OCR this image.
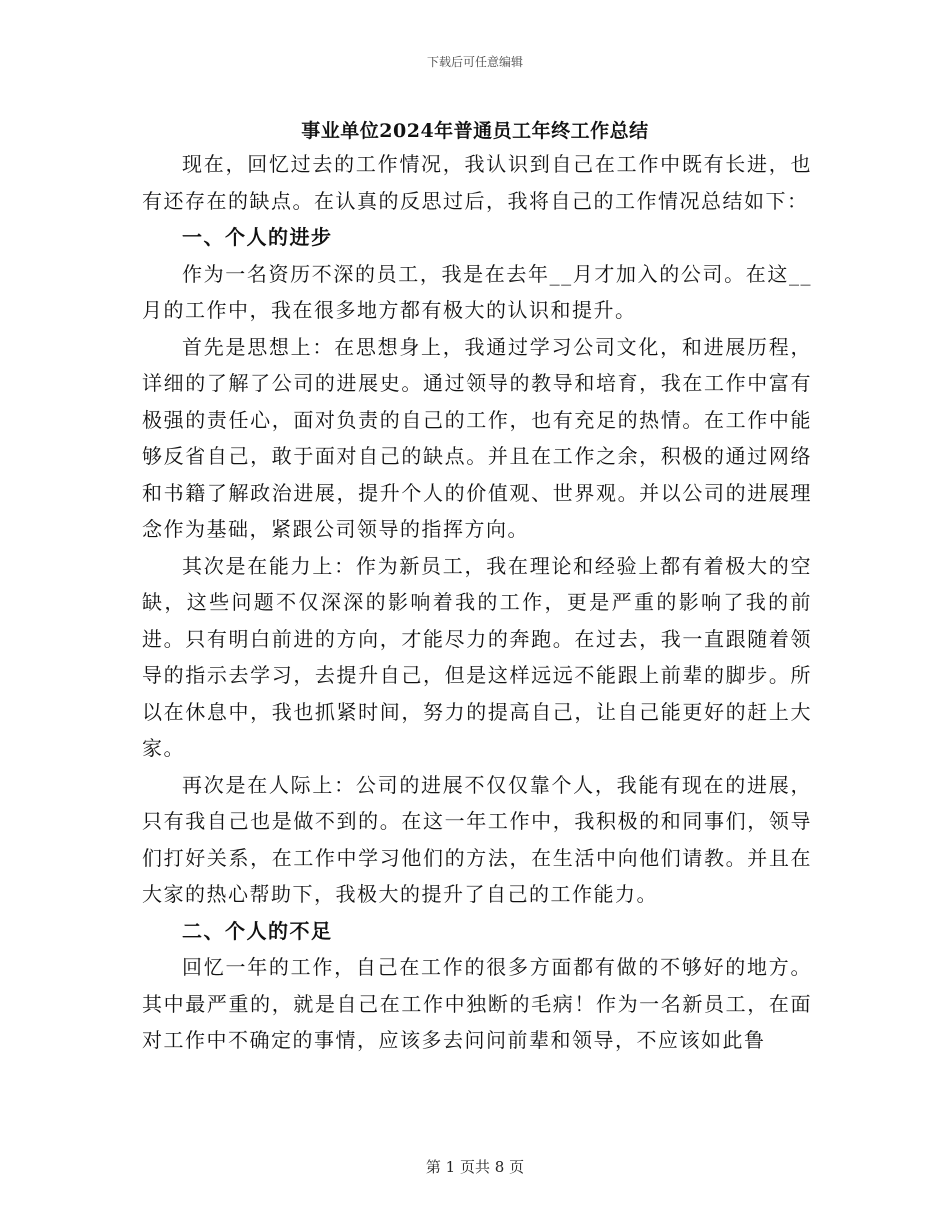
下载后可任意编辑
事业单位2024年普通员工年终工作总结

现在，回忆过去的工作情况，我认识到自己在工作中既有长进，也有还存在的缺点。在认真的反思过后，我将自己的工作情况总结如下：

一、个人的进步

作为一名资历不深的员工，我是在去年__月才加入的公司。在这__月的工作中，我在很多地方都有极大的认识和提升。

首先是思想上：在思想身上，我通过学习公司文化，和进展历程，详细的了解了公司的进展史。通过领导的教导和培育，我在工作中富有极强的责任心，面对负责的自己的工作，也有充足的热情。在工作中能够反省自己，敢于面对自己的缺点。并且在工作之余，积极的通过网络和书籍了解政治进展，提升个人的价值观、世界观。并以公司的进展理念作为基础，紧跟公司领导的指挥方向。

其次是在能力上：作为新员工，我在理论和经验上都有着极大的空缺，这些问题不仅深深的影响着我的工作，更是严重的影响了我的前进。只有明白前进的方向，才能尽力的奔跑。在过去，我一直跟随着领导的指示去学习，去提升自己，但是这样远远不能跟上前辈的脚步。所以在休息中，我也抓紧时间，努力的提高自己，让自己能更好的赶上大家。

再次是在人际上：公司的进展不仅仅靠个人，我能有现在的进展，只有我自己也是做不到的。在这一年工作中，我积极的和同事们，领导们打好关系，在工作中学习他们的方法，在生活中向他们请教。并且在大家的热心帮助下，我极大的提升了自己的工作能力。

二、个人的不足

回忆一年的工作，自己在工作的很多方面都有做的不够好的地方。其中最严重的，就是自己在工作中独断的毛病！作为一名新员工，在面对工作中不确定的事情，应该多去问问前辈和领导，不应该如此鲁

第 1 页共 8 页
